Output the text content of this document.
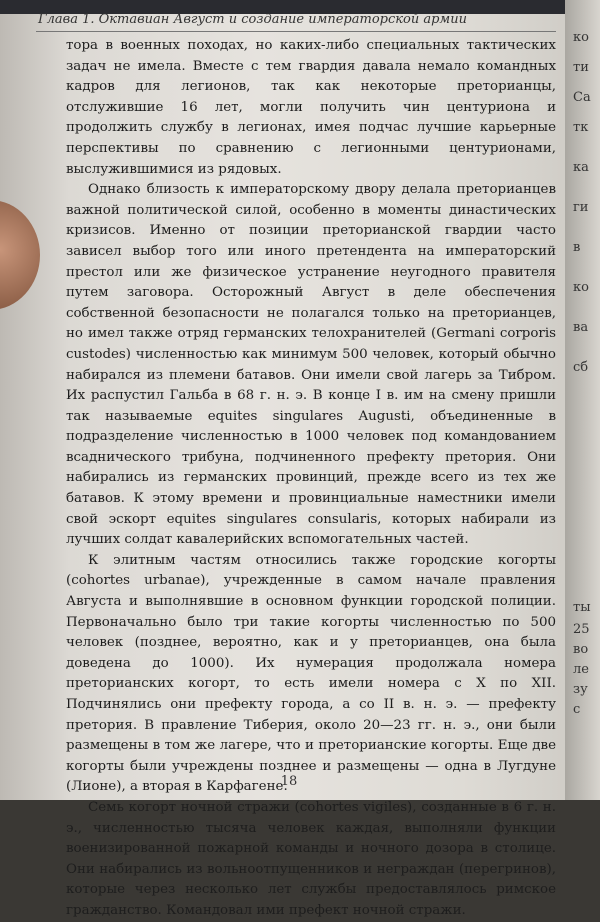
Глава 1. Октавиан Август и создание императорской армии

тора в военных походах, но каких-либо специальных тактических задач не имела. Вместе с тем гвардия давала немало командных кадров для легионов, так как некоторые преторианцы, отслужившие 16 лет, могли получить чин центуриона и продолжить службу в легионах, имея подчас лучшие карьерные перспективы по сравнению с легионными центурионами, выслужившимися из рядовых.

Однако близость к императорскому двору делала преторианцев важной политической силой, особенно в моменты династических кризисов. Именно от позиции преторианской гвардии часто зависел выбор того или иного претендента на императорский престол или же физическое устранение неугодного правителя путем заговора. Осторожный Август в деле обеспечения собственной безопасности не полагался только на преторианцев, но имел также отряд германских телохранителей (Germani corporis custodes) численностью как минимум 500 человек, который обычно набирался из племени батавов. Они имели свой лагерь за Тибром. Их распустил Гальба в 68 г. н. э. В конце I в. им на смену пришли так называемые equites singulares Augusti, объединенные в подразделение численностью в 1000 человек под командованием всаднического трибуна, подчиненного префекту претория. Они набирались из германских провинций, прежде всего из тех же батавов. К этому времени и провинциальные наместники имели свой эскорт equites singulares consularis, которых набирали из лучших солдат кавалерийских вспомогательных частей.

К элитным частям относились также городские когорты (cohortes urbanae), учрежденные в самом начале правления Августа и выполнявшие в основном функции городской полиции. Первоначально было три такие когорты численностью по 500 человек (позднее, вероятно, как и у преторианцев, она была доведена до 1000). Их нумерация продолжала номера преторианских когорт, то есть имели номера с X по XII. Подчинялись они префекту города, а со II в. н. э. — префекту претория. В правление Тиберия, около 20—23 гг. н. э., они были размещены в том же лагере, что и преторианские когорты. Еще две когорты были учреждены позднее и размещены — одна в Лугдуне (Лионе), а вторая в Карфагене.

Семь когорт ночной стражи (cohortes vigiles), созданные в 6 г. н. э., численностью тысяча человек каждая, выполняли функции военизированной пожарной команды и ночного дозора в столице. Они набирались из вольноотпущенников и неграждан (перегринов), которые через несколько лет службы предоставлялось римское гражданство. Командовал ими префект ночной стражи.

18
ты
25
во
ле
зу
с
ко
ти
Са
тк
ка
ги
в
ко
ва
сб
